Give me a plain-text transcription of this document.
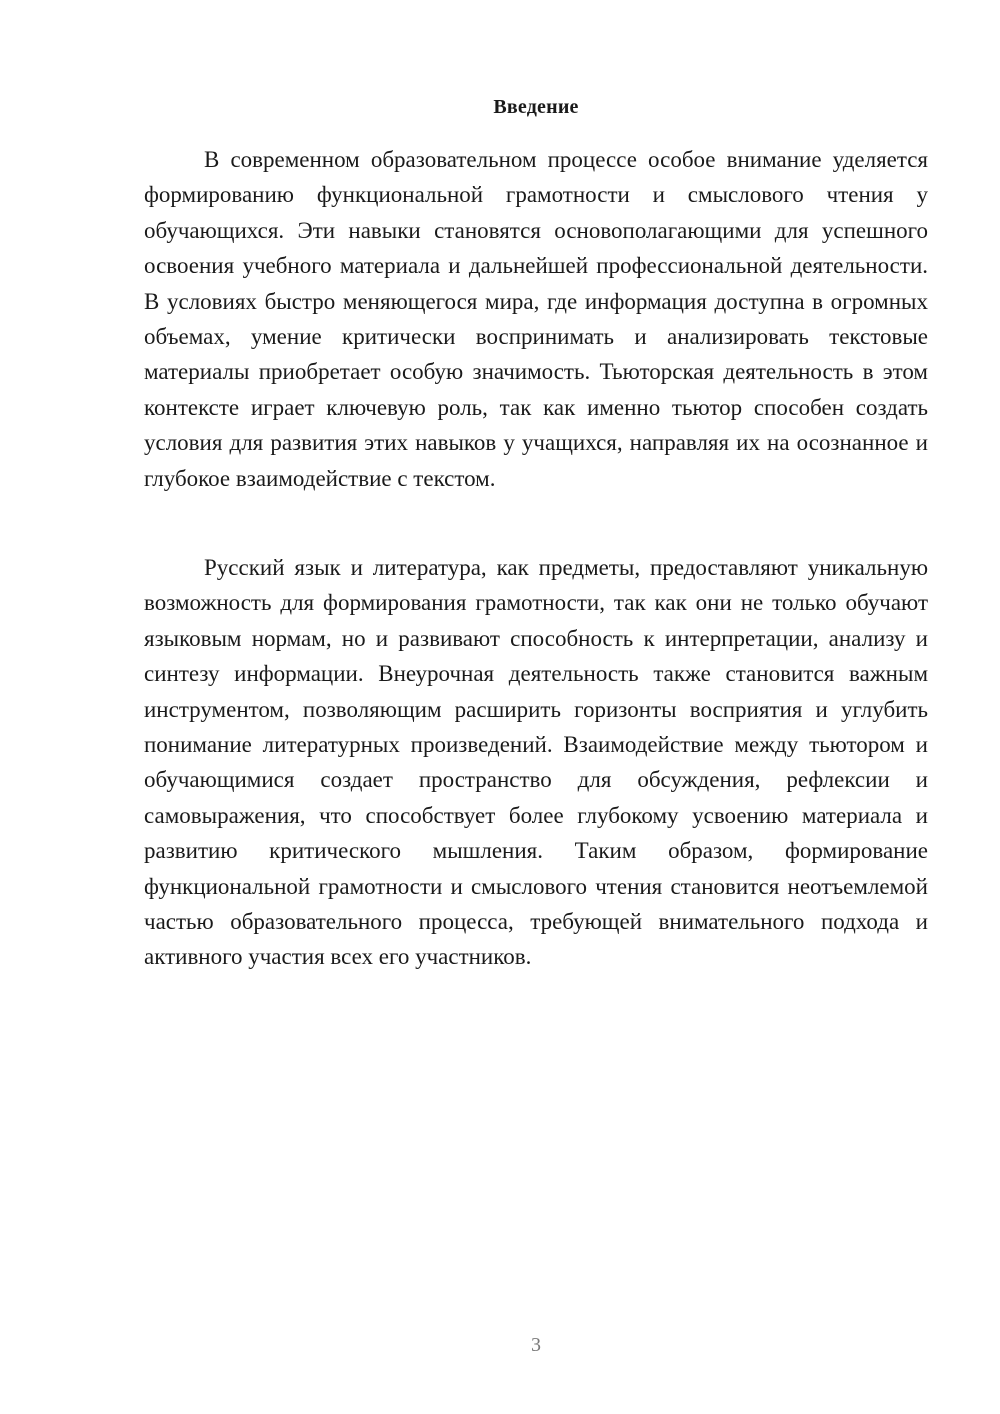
Введение

В современном образовательном процессе особое внимание уделяется формированию функциональной грамотности и смыслового чтения у обучающихся. Эти навыки становятся основополагающими для успешного освоения учебного материала и дальнейшей профессиональной деятельности. В условиях быстро меняющегося мира, где информация доступна в огромных объемах, умение критически воспринимать и анализировать текстовые материалы приобретает особую значимость. Тьюторская деятельность в этом контексте играет ключевую роль, так как именно тьютор способен создать условия для развития этих навыков у учащихся, направляя их на осознанное и глубокое взаимодействие с текстом.

Русский язык и литература, как предметы, предоставляют уникальную возможность для формирования грамотности, так как они не только обучают языковым нормам, но и развивают способность к интерпретации, анализу и синтезу информации. Внеурочная деятельность также становится важным инструментом, позволяющим расширить горизонты восприятия и углубить понимание литературных произведений. Взаимодействие между тьютором и обучающимися создает пространство для обсуждения, рефлексии и самовыражения, что способствует более глубокому усвоению материала и развитию критического мышления. Таким образом, формирование функциональной грамотности и смыслового чтения становится неотъемлемой частью образовательного процесса, требующей внимательного подхода и активного участия всех его участников.

3
